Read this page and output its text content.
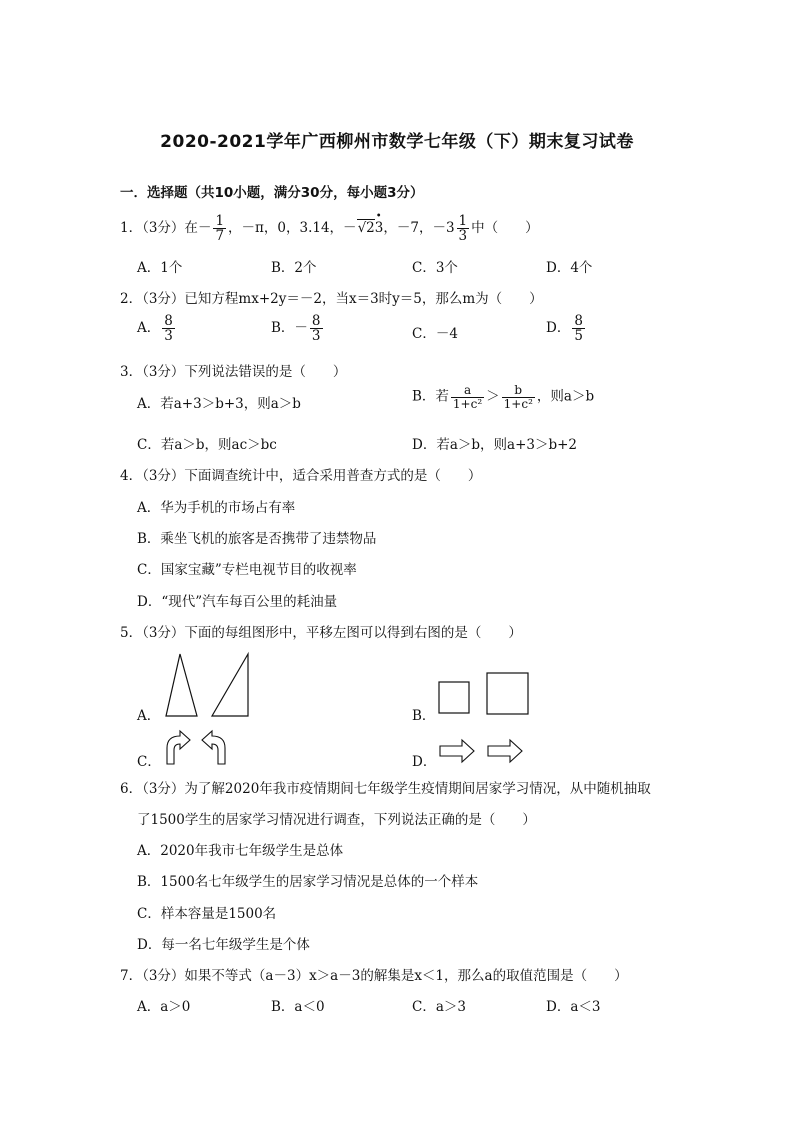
2020-2021学年广西柳州市数学七年级（下）期末复习试卷
一．选择题（共10小题，满分30分，每小题3分）
1．（3分）在－ $\frac{1}{7}$ ，－π，0，3.14，－√2
•
3，－7，$-3 \frac{1}{3}$ 中（　　）
A．1个	B．2个	C．3个	D．4个
2．（3分）已知方程mx+2y＝－2，当x＝3时y＝5，那么m为（　　）
A． $\frac{8}{3}$	B．－ $\frac{8}{3}$	C．－4	D． $\frac{8}{5}$
3．（3分）下列说法错误的是（　　）
A．若a+3＞b+3，则a＞b	B．若 $\frac{a}{\text{1+c²}} > \frac{b}{\text{1+c²}}$ ，则a＞b
C．若a＞b，则ac＞bc	D．若a＞b，则a+3＞b+2
4．（3分）下面调查统计中，适合采用普查方式的是（　　）
A．华为手机的市场占有率
B．乘坐飞机的旅客是否携带了违禁物品
C．国家宝藏”专栏电视节目的收视率
D．“现代”汽车每百公里的耗油量
5．（3分）下面的每组图形中，平移左图可以得到右图的是（　　）
A．	B．
C．	D．
6．（3分）为了解2020年我市疫情期间七年级学生疫情期间居家学习情况，从中随机抽取
了1500学生的居家学习情况进行调查，下列说法正确的是（　　）
A．2020年我市七年级学生是总体
B．1500名七年级学生的居家学习情况是总体的一个样本
C．样本容量是1500名
D．每一名七年级学生是个体
7．（3分）如果不等式（a－3）x＞a－3的解集是x＜1，那么a的取值范围是（　　）
A．a＞0	B．a＜0	C．a＞3	D．a＜3
